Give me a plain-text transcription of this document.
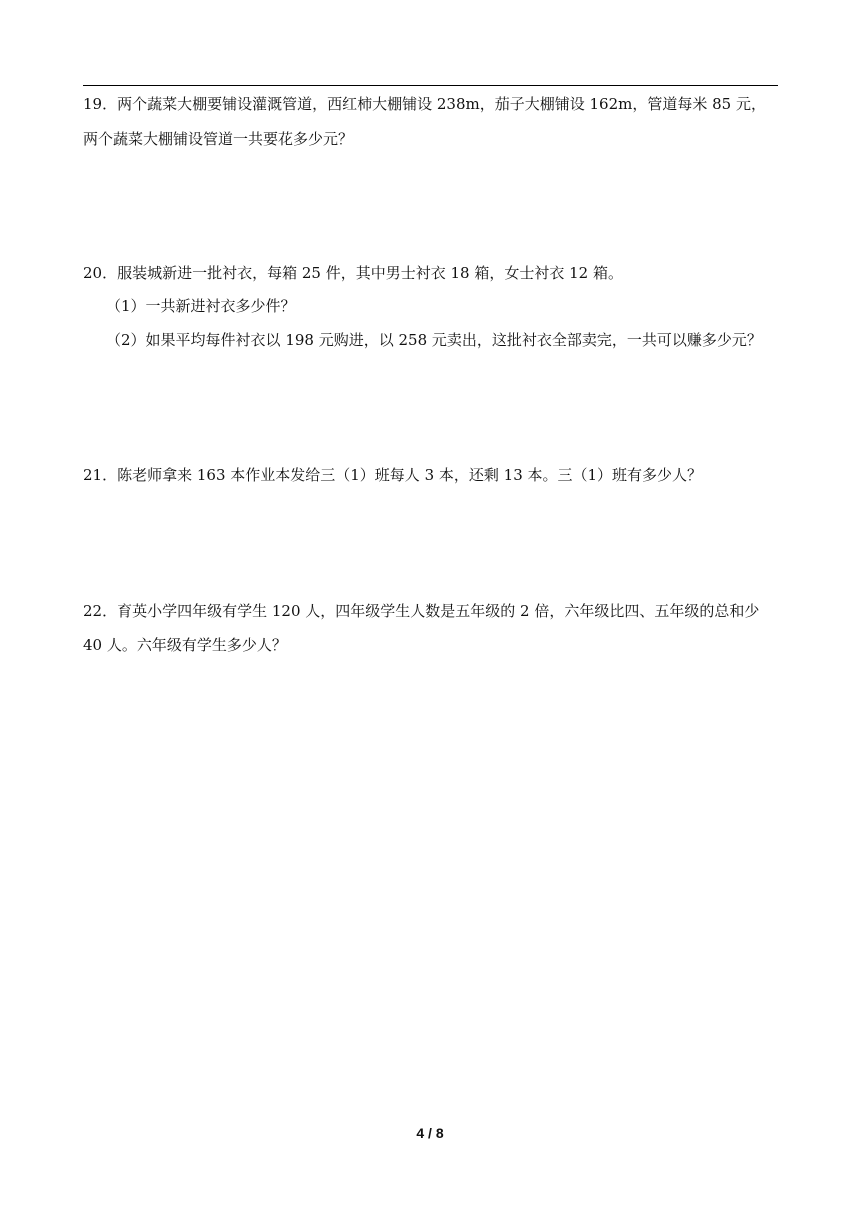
19．两个蔬菜大棚要铺设灌溉管道，西红柿大棚铺设 238m，茄子大棚铺设 162m，管道每米 85 元，
两个蔬菜大棚铺设管道一共要花多少元？
20．服装城新进一批衬衣，每箱 25 件，其中男士衬衣 18 箱，女士衬衣 12 箱。
（1）一共新进衬衣多少件？
（2）如果平均每件衬衣以 198 元购进，以 258 元卖出，这批衬衣全部卖完，一共可以赚多少元？
21．陈老师拿来 163 本作业本发给三（1）班每人 3 本，还剩 13 本。三（1）班有多少人？
22．育英小学四年级有学生 120 人，四年级学生人数是五年级的 2 倍，六年级比四、五年级的总和少
40 人。六年级有学生多少人？
4 / 8
